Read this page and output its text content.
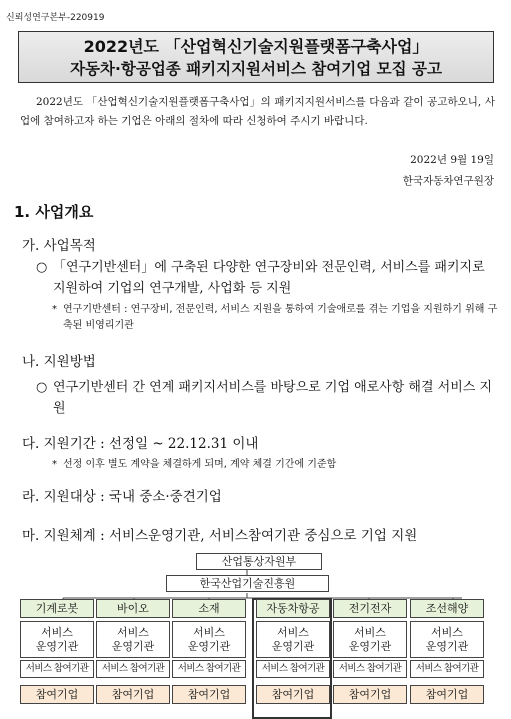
신뢰성연구본부-220919
2022년도 「산업혁신기술지원플랫폼구축사업」
자동차·항공업종 패키지지원서비스 참여기업 모집 공고
2022년도 「산업혁신기술지원플랫폼구축사업」의 패키지지원서비스를 다음과 같이 공고하오니, 사업에 참여하고자 하는 기업은 아래의 절차에 따라 신청하여 주시기 바랍니다.
2022년 9월 19일
한국자동차연구원장
1. 사업개요
가. 사업목적
○ 「연구기반센터」에 구축된 다양한 연구장비와 전문인력, 서비스를 패키지로 지원하여 기업의 연구개발, 사업화 등 지원
* 연구기반센터 : 연구장비, 전문인력, 서비스 지원을 통하여 기술애로를 겪는 기업을 지원하기 위해 구축된 비영리기관
나. 지원방법
○ 연구기반센터 간 연계 패키지서비스를 바탕으로 기업 애로사항 해결 서비스 지원
다. 지원기간 : 선정일 ~ 22.12.31 이내
* 선정 이후 별도 계약을 체결하게 되며, 계약 체결 기간에 기준함
라. 지원대상 : 국내 중소·중견기업
마. 지원체계 : 서비스운영기관, 서비스참여기관 중심으로 기업 지원
산업통상자원부
한국산업기술진흥원
기계로봇
서비스
운영기관
서비스 참여기관
참여기업
바이오
서비스
운영기관
서비스 참여기관
참여기업
소재
서비스
운영기관
서비스 참여기관
참여기업
자동차항공
서비스
운영기관
서비스 참여기관
참여기업
전기전자
서비스
운영기관
서비스 참여기관
참여기업
조선해양
서비스
운영기관
서비스 참여기관
참여기업
